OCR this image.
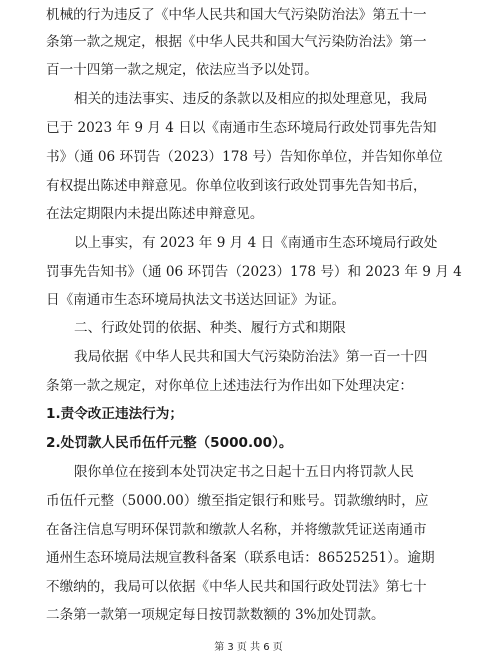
机械的行为违反了《中华人民共和国大气污染防治法》第五十一
条第一款之规定，根据《中华人民共和国大气污染防治法》第一
百一十四第一款之规定，依法应当予以处罚。
相关的违法事实、违反的条款以及相应的拟处理意见，我局
已于 2023 年 9 月 4 日以《南通市生态环境局行政处罚事先告知
书》（通 06 环罚告（2023）178 号）告知你单位，并告知你单位
有权提出陈述申辩意见。你单位收到该行政处罚事先告知书后，
在法定期限内未提出陈述申辩意见。
以上事实，有 2023 年 9 月 4 日《南通市生态环境局行政处
罚事先告知书》（通 06 环罚告（2023）178 号）和 2023 年 9 月 4
日《南通市生态环境局执法文书送达回证》为证。
二、行政处罚的依据、种类、履行方式和期限
我局依据《中华人民共和国大气污染防治法》第一百一十四
条第一款之规定，对你单位上述违法行为作出如下处理决定：
1.责令改正违法行为；
2.处罚款人民币伍仟元整（5000.00）。
限你单位在接到本处罚决定书之日起十五日内将罚款人民
币伍仟元整（5000.00）缴至指定银行和账号。罚款缴纳时，应
在备注信息写明环保罚款和缴款人名称，并将缴款凭证送南通市
通州生态环境局法规宣教科备案（联系电话：86525251）。逾期
不缴纳的，我局可以依据《中华人民共和国行政处罚法》第七十
二条第一款第一项规定每日按罚款数额的 3%加处罚款。
第 3 页 共 6 页
